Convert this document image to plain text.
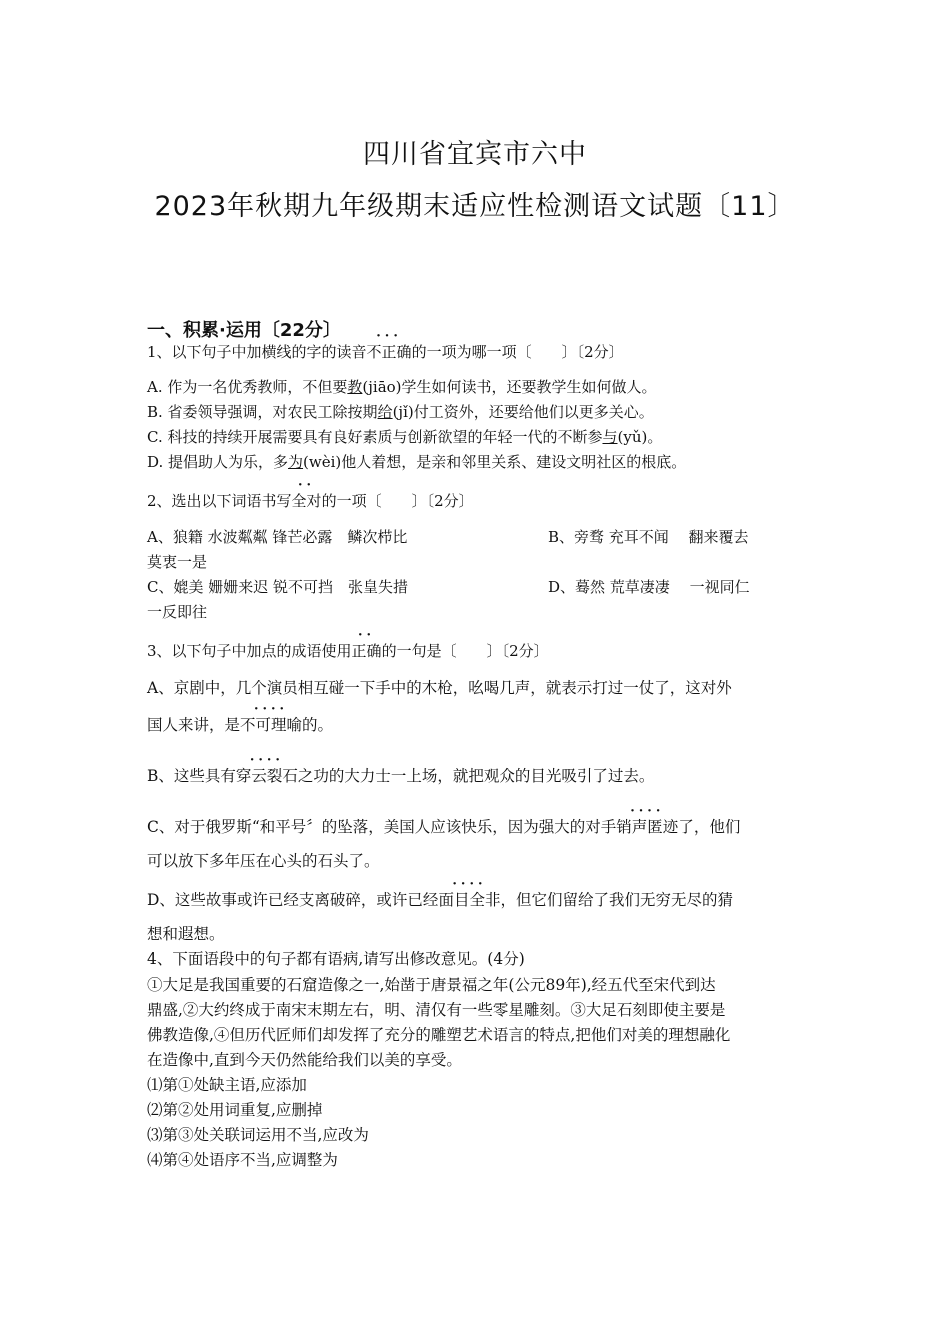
四川省宜宾市六中
2023年秋期九年级期末适应性检测语文试题〔11〕
一、积累·运用〔22分〕
1、以下句子中加横线的字的读音··· 不正确的一项为哪一项〔　　〕〔2分〕
A. 作为一名优秀教师，不但要教(jiāo)学生如何读书，还要教学生如何做人。
B. 省委领导强调，对农民工除按期给(jǐ)付工资外，还要给他们以更多关心。
C. 科技的持续开展需要具有良好素质与创新欲望的年轻一代的不断参与(yǔ)。
D. 提倡助人为乐，多为(wèi)他人着想，是亲和邻里关系、建设文明社区的根底。
2、选出以下词语书写·· 全对的一项〔　　〕〔2分〕
A、狼籍 水波粼粼 锋芒必露　鳞次栉比	B、旁骛 充耳不闻　 翻来覆去
莫衷一是
C、媲美 姗姗来迟 锐不可挡　张皇失措	D、蓦然 荒草凄凄　 一视同仁
一反即往
3、以下句子中加点的成语使用·· 正确的一句是〔　　〕〔2分〕
A、京剧中，几个演员相互碰一下手中的木枪，吆喝几声，就表示打过一仗了，这对外
国人来讲，是···· 不可理喻的。
B、这些具有···· 穿云裂石之功的大力士一上场，就把观众的目光吸引了过去。
C、对于俄罗斯“和平号〞的坠落，美国人应该快乐，因为强大的对手···· 销声匿迹了，他们
可以放下多年压在心头的石头了。
D、这些故事或许已经支离破碎，或许已经···· 面目全非，但它们留给了我们无穷无尽的猜
想和遐想。
4、下面语段中的句子都有语病,请写出修改意见。(4分)
①大足是我国重要的石窟造像之一,始凿于唐景福之年(公元89年),经五代至宋代到达
鼎盛,②大约终成于南宋末期左右，明、清仅有一些零星雕刻。③大足石刻即使主要是
佛教造像,④但历代匠师们却发挥了充分的雕塑艺术语言的特点,把他们对美的理想融化
在造像中,直到今天仍然能给我们以美的享受。
⑴第①处缺主语,应添加
⑵第②处用词重复,应删掉
⑶第③处关联词运用不当,应改为
⑷第④处语序不当,应调整为
